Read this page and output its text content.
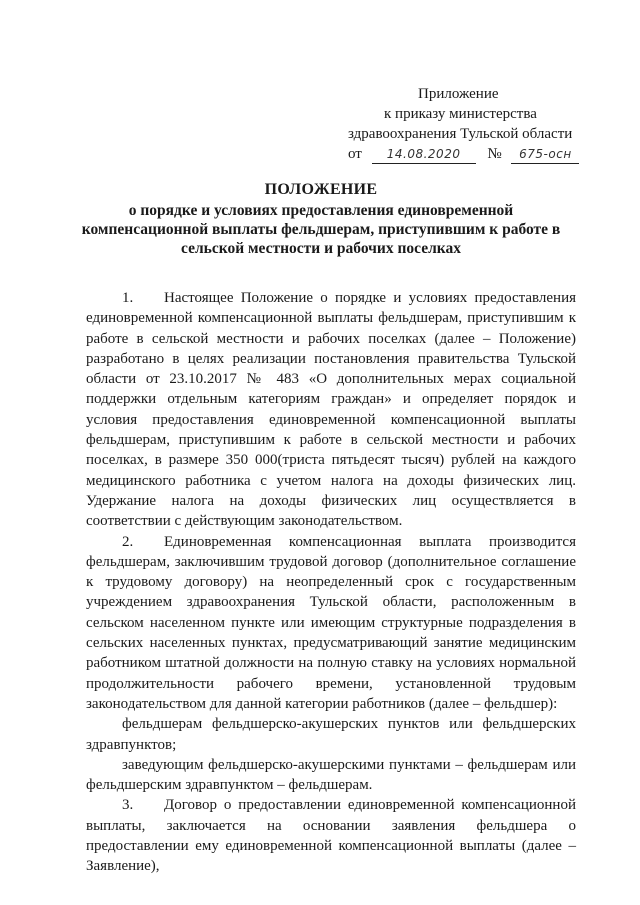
Приложение
к приказу министерства
здравоохранения Тульской области
от 14.08.2020 № 675-осн
ПОЛОЖЕНИЕ
о порядке и условиях предоставления единовременной компенсационной выплаты фельдшерам, приступившим к работе в сельской местности и рабочих поселках

1. Настоящее Положение о порядке и условиях предоставления единовременной компенсационной выплаты фельдшерам, приступившим к работе в сельской местности и рабочих поселках (далее – Положение) разработано в целях реализации постановления правительства Тульской области от 23.10.2017 № 483 «О дополнительных мерах социальной поддержки отдельным категориям граждан» и определяет порядок и условия предоставления единовременной компенсационной выплаты фельдшерам, приступившим к работе в сельской местности и рабочих поселках, в размере 350 000(триста пятьдесят тысяч) рублей на каждого медицинского работника с учетом налога на доходы физических лиц. Удержание налога на доходы физических лиц осуществляется в соответствии с действующим законодательством.

2. Единовременная компенсационная выплата производится фельдшерам, заключившим трудовой договор (дополнительное соглашение к трудовому договору) на неопределенный срок с государственным учреждением здравоохранения Тульской области, расположенным в сельском населенном пункте или имеющим структурные подразделения в сельских населенных пунктах, предусматривающий занятие медицинским работником штатной должности на полную ставку на условиях нормальной продолжительности рабочего времени, установленной трудовым законодательством для данной категории работников (далее – фельдшер):

фельдшерам фельдшерско-акушерских пунктов или фельдшерских здравпунктов;

заведующим фельдшерско-акушерскими пунктами – фельдшерам или фельдшерским здравпунктом – фельдшерам.

3. Договор о предоставлении единовременной компенсационной выплаты, заключается на основании заявления фельдшера о предоставлении ему единовременной компенсационной выплаты (далее – Заявление),
